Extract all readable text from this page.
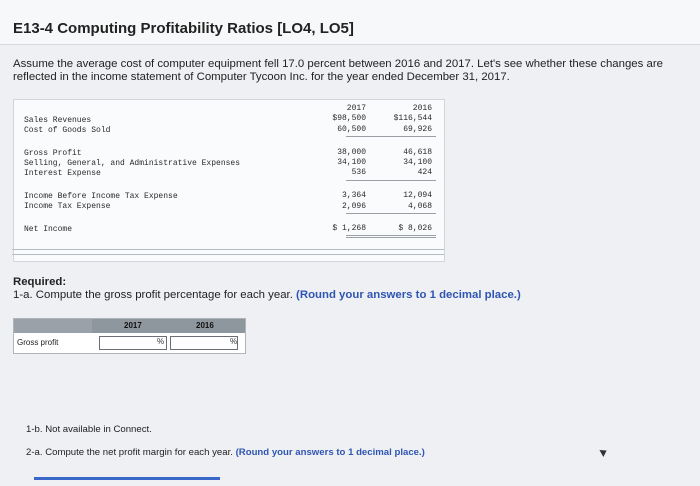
E13-4 Computing Profitability Ratios [LO4, LO5]
Assume the average cost of computer equipment fell 17.0 percent between 2016 and 2017. Let's see whether these changes are reflected in the income statement of Computer Tycoon Inc. for the year ended December 31, 2017.
2017	2016
Sales Revenues	$98,500	$116,544
Cost of Goods Sold	60,500	69,926
Gross Profit	38,000	46,618
Selling, General, and Administrative Expenses	34,100	34,100
Interest Expense	536	424
Income Before Income Tax Expense	3,364	12,094
Income Tax Expense	2,096	4,068
Net Income	$ 1,268	$ 8,026
Required:
1-a. Compute the gross profit percentage for each year. (Round your answers to 1 decimal place.)
2017	2016
Gross profit	%	%
1-b. Not available in Connect.
2-a. Compute the net profit margin for each year. (Round your answers to 1 decimal place.)
